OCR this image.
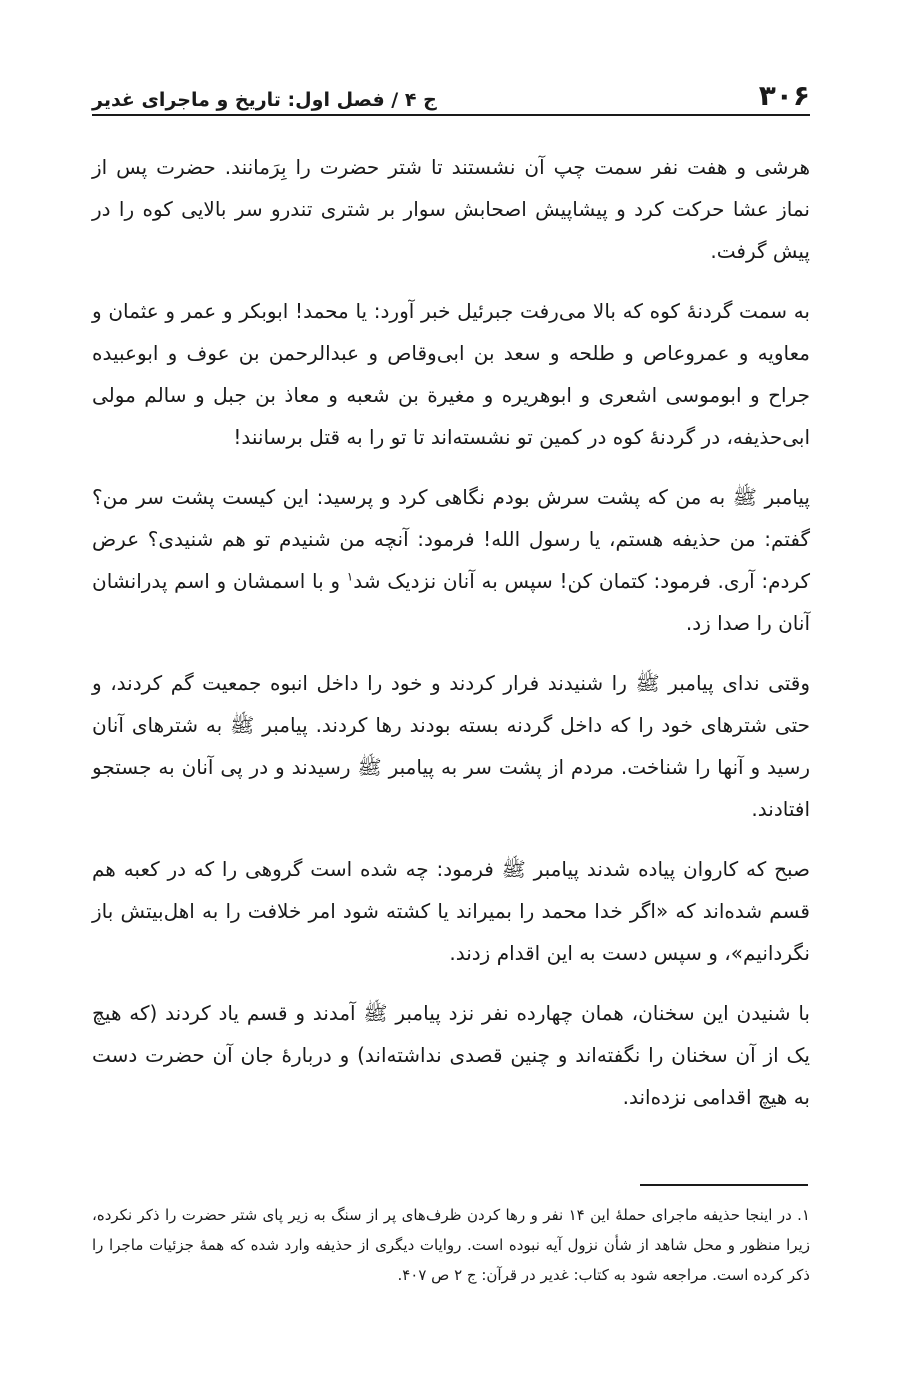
۳۰۶
ج ۴ / فصل اول: تاریخ و ماجرای غدیر

هرشی و هفت نفر سمت چپ آن نشستند تا شتر حضرت را بِرَمانند. حضرت پس از نماز عشا حرکت کرد و پیشاپیش اصحابش سوار بر شتری تندرو سر بالایی کوه را در پیش گرفت.

به سمت گردنهٔ کوه که بالا می‌رفت جبرئیل خبر آورد: یا محمد! ابوبکر و عمر و عثمان و معاویه و عمروعاص و طلحه و سعد بن ابی‌وقاص و عبدالرحمن بن عوف و ابوعبیده جراح و ابوموسی اشعری و ابوهریره و مغیرة بن شعبه و معاذ بن جبل و سالم مولی ابی‌حذیفه، در گردنهٔ کوه در کمین تو نشسته‌اند تا تو را به قتل برسانند!

پیامبر ﷺ به من که پشت سرش بودم نگاهی کرد و پرسید: این کیست پشت سر من؟ گفتم: من حذیفه هستم، یا رسول الله! فرمود: آنچه من شنیدم تو هم شنیدی؟ عرض کردم: آری. فرمود: کتمان کن! سپس به آنان نزدیک شد$^۱$ و با اسمشان و اسم پدرانشان آنان را صدا زد.

وقتی ندای پیامبر ﷺ را شنیدند فرار کردند و خود را داخل انبوه جمعیت گم کردند، و حتی شترهای خود را که داخل گردنه بسته بودند رها کردند. پیامبر ﷺ به شترهای آنان رسید و آنها را شناخت. مردم از پشت سر به پیامبر ﷺ رسیدند و در پی آنان به جستجو افتادند.

صبح که کاروان پیاده شدند پیامبر ﷺ فرمود: چه شده است گروهی را که در کعبه هم قسم شده‌اند که «اگر خدا محمد را بمیراند یا کشته شود امر خلافت را به اهل‌بیتش باز نگردانیم»، و سپس دست به این اقدام زدند.

با شنیدن این سخنان، همان چهارده نفر نزد پیامبر ﷺ آمدند و قسم یاد کردند (که هیچ یک از آن سخنان را نگفته‌اند و چنین قصدی نداشته‌اند) و دربارهٔ جان آن حضرت دست به هیچ اقدامی نزده‌اند.

۱. در اینجا حذیفه ماجرای حملهٔ این ۱۴ نفر و رها کردن ظرف‌های پر از سنگ به زیر پای شتر حضرت را ذکر نکرده، زیرا منظور و محل شاهد از شأن نزول آیه نبوده است. روایات دیگری از حذیفه وارد شده که همهٔ جزئیات ماجرا را ذکر کرده است. مراجعه شود به کتاب: غدیر در قرآن: ج ۲ ص ۴۰۷.
